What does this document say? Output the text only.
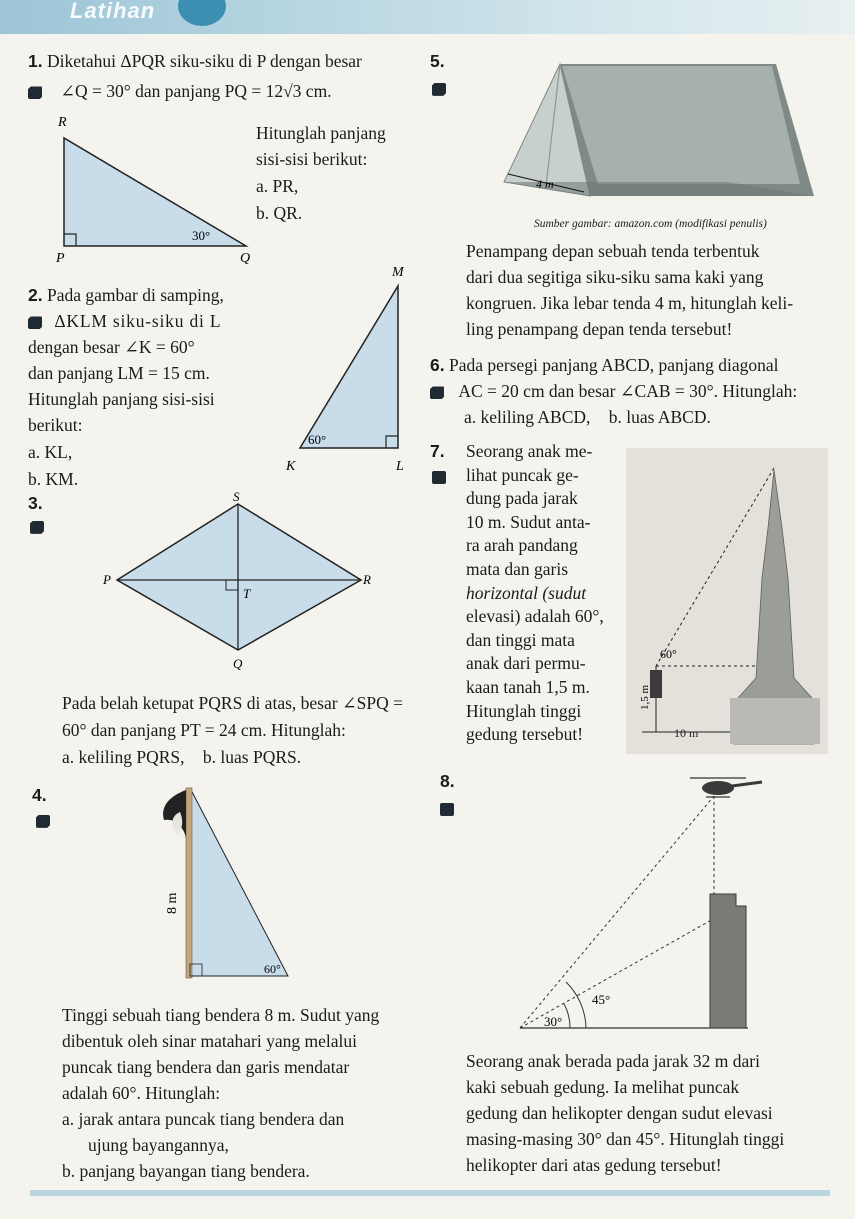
Latihan
1. Diketahui ΔPQR siku-siku di P dengan besar
∠Q = 30° dan panjang PQ = 12√3 cm.
R
P	Q
30°

Hitunglah panjang

sisi-sisi berikut:

a. PR,

b. QR.

2. Pada gambar di samping,

ΔKLM siku-siku di L

dengan besar ∠K = 60°

dan panjang LM = 15 cm.

Hitunglah panjang sisi-sisi

berikut:

a. KL,

b. KM.

M
K	L
60°
3.	S
P	R
T
Q

Pada belah ketupat PQRS di atas, besar ∠SPQ =

60° dan panjang PT = 24 cm. Hitunglah:

a. keliling PQRS, b. luas PQRS.

4.
8 m
60°

Tinggi sebuah tiang bendera 8 m. Sudut yang

dibentuk oleh sinar matahari yang melalui

puncak tiang bendera dan garis mendatar

adalah 60°. Hitunglah:

a. jarak antara puncak tiang bendera dan

ujung bayangannya,

b. panjang bayangan tiang bendera.

5.
4 m
Sumber gambar: amazon.com (modifikasi penulis)

Penampang depan sebuah tenda terbentuk

dari dua segitiga siku-siku sama kaki yang

kongruen. Jika lebar tenda 4 m, hitunglah keli-

ling penampang depan tenda tersebut!

6. Pada persegi panjang ABCD, panjang diagonal

AC = 20 cm dan besar ∠CAB = 30°. Hitunglah:

a. keliling ABCD, b. luas ABCD.

7. Seorang anak me-

lihat puncak ge-

dung pada jarak

10 m. Sudut anta-

ra arah pandang

mata dan garis

horizontal (sudut

elevasi) adalah 60°,

dan tinggi mata

anak dari permu-

kaan tanah 1,5 m.

Hitunglah tinggi

gedung tersebut!

60°
1,5 m
10 m
8.
45°
30°

Seorang anak berada pada jarak 32 m dari

kaki sebuah gedung. Ia melihat puncak

gedung dan helikopter dengan sudut elevasi

masing-masing 30° dan 45°. Hitunglah tinggi

helikopter dari atas gedung tersebut!
